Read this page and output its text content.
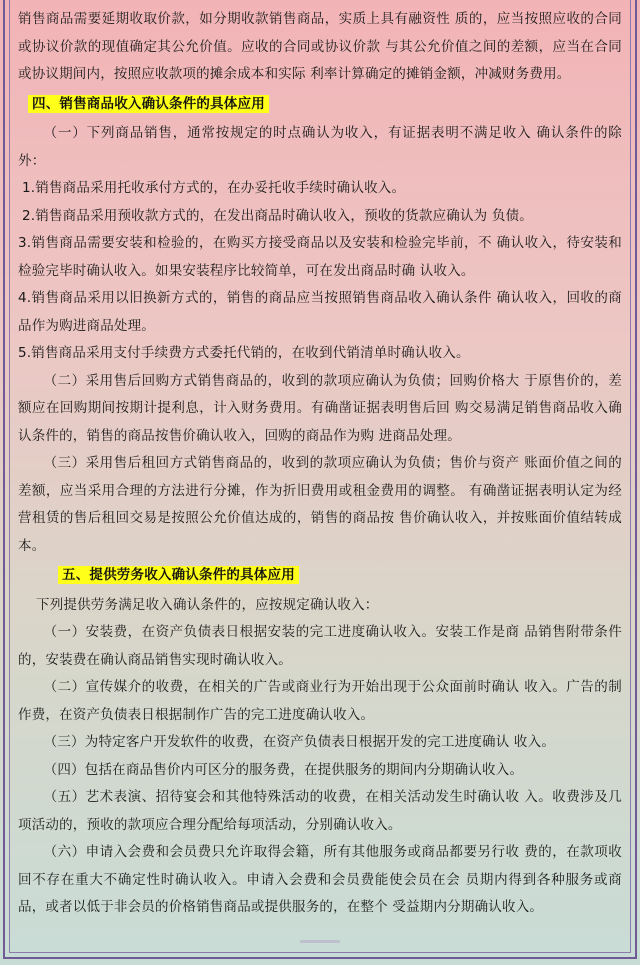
销售商品需要延期收取价款，如分期收款销售商品，实质上具有融资性 质的，应当按照应收的合同或协议价款的现值确定其公允价值。应收的合同或协议价款 与其公允价值之间的差额，应当在合同或协议期间内，按照应收款项的摊余成本和实际 利率计算确定的摊销金额，冲减财务费用。

四、销售商品收入确认条件的具体应用

（一）下列商品销售，通常按规定的时点确认为收入，有证据表明不满足收入 确认条件的除外：

1.销售商品采用托收承付方式的，在办妥托收手续时确认收入。

2.销售商品采用预收款方式的，在发出商品时确认收入，预收的货款应确认为 负债。

3.销售商品需要安装和检验的，在购买方接受商品以及安装和检验完毕前，不 确认收入，待安装和检验完毕时确认收入。如果安装程序比较简单，可在发出商品时确 认收入。

4.销售商品采用以旧换新方式的，销售的商品应当按照销售商品收入确认条件 确认收入，回收的商品作为购进商品处理。

5.销售商品采用支付手续费方式委托代销的，在收到代销清单时确认收入。

（二）采用售后回购方式销售商品的，收到的款项应确认为负债；回购价格大 于原售价的，差额应在回购期间按期计提利息，计入财务费用。有确凿证据表明售后回 购交易满足销售商品收入确认条件的，销售的商品按售价确认收入，回购的商品作为购 进商品处理。

（三）采用售后租回方式销售商品的，收到的款项应确认为负债；售价与资产 账面价值之间的差额，应当采用合理的方法进行分摊，作为折旧费用或租金费用的调整。 有确凿证据表明认定为经营租赁的售后租回交易是按照公允价值达成的，销售的商品按 售价确认收入，并按账面价值结转成本。

五、提供劳务收入确认条件的具体应用

下列提供劳务满足收入确认条件的，应按规定确认收入：

（一）安装费，在资产负债表日根据安装的完工进度确认收入。安装工作是商 品销售附带条件的，安装费在确认商品销售实现时确认收入。

（二）宣传媒介的收费，在相关的广告或商业行为开始出现于公众面前时确认 收入。广告的制作费，在资产负债表日根据制作广告的完工进度确认收入。

（三）为特定客户开发软件的收费，在资产负债表日根据开发的完工进度确认 收入。

（四）包括在商品售价内可区分的服务费，在提供服务的期间内分期确认收入。

（五）艺术表演、招待宴会和其他特殊活动的收费，在相关活动发生时确认收 入。收费涉及几项活动的，预收的款项应合理分配给每项活动，分别确认收入。

（六）申请入会费和会员费只允许取得会籍，所有其他服务或商品都要另行收 费的，在款项收回不存在重大不确定性时确认收入。申请入会费和会员费能使会员在会 员期内得到各种服务或商品，或者以低于非会员的价格销售商品或提供服务的，在整个 受益期内分期确认收入。
